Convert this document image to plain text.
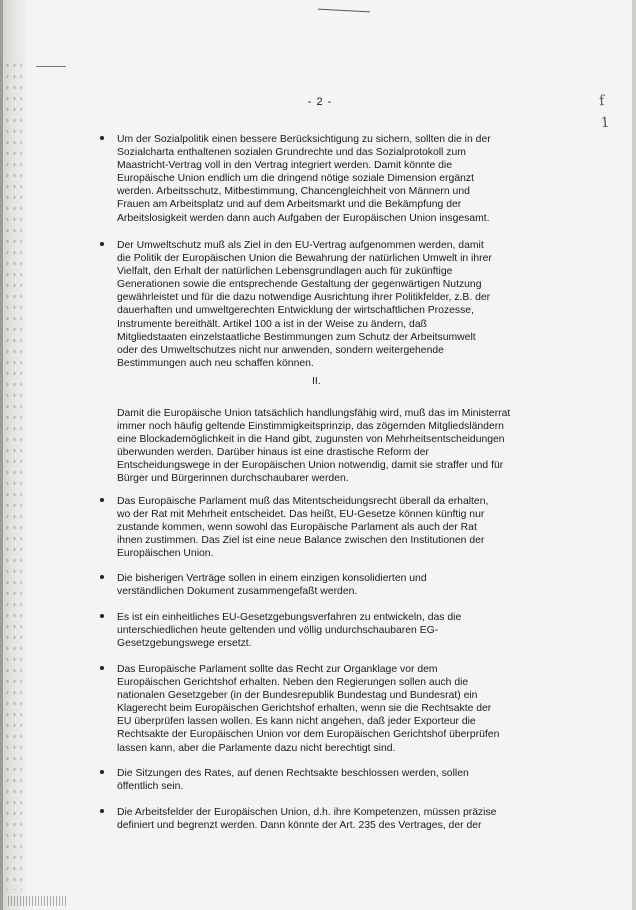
f
1
- 2 -

Um der Sozialpolitik einen bessere Berücksichtigung zu sichern, sollten die in der
Sozialcharta enthaltenen sozialen Grundrechte und das Sozialprotokoll zum
Maastricht-Vertrag voll in den Vertrag integriert werden. Damit könnte die
Europäische Union endlich um die dringend nötige soziale Dimension ergänzt
werden. Arbeitsschutz, Mitbestimmung, Chancengleichheit von Männern und
Frauen am Arbeitsplatz und auf dem Arbeitsmarkt und die Bekämpfung der
Arbeitslosigkeit werden dann auch Aufgaben der Europäischen Union insgesamt.

Der Umweltschutz muß als Ziel in den EU-Vertrag aufgenommen werden, damit
die Politik der Europäischen Union die Bewahrung der natürlichen Umwelt in ihrer
Vielfalt, den Erhalt der natürlichen Lebensgrundlagen auch für zukünftige
Generationen sowie die entsprechende Gestaltung der gegenwärtigen Nutzung
gewährleistet und für die dazu notwendige Ausrichtung ihrer Politikfelder, z.B. der
dauerhaften und umweltgerechten Entwicklung der wirtschaftlichen Prozesse,
Instrumente bereithält. Artikel 100 a ist in der Weise zu ändern, daß
Mitgliedstaaten einzelstaatliche Bestimmungen zum Schutz der Arbeitsumwelt
oder des Umweltschutzes nicht nur anwenden, sondern weitergehende
Bestimmungen auch neu schaffen können.

II.

Damit die Europäische Union tatsächlich handlungsfähig wird, muß das im Ministerrat
immer noch häufig geltende Einstimmigkeitsprinzip, das zögernden Mitgliedsländern
eine Blockademöglichkeit in die Hand gibt, zugunsten von Mehrheitsentscheidungen
überwunden werden. Darüber hinaus ist eine drastische Reform der
Entscheidungswege in der Europäischen Union notwendig, damit sie straffer und für
Bürger und Bürgerinnen durchschaubarer werden.

Das Europäische Parlament muß das Mitentscheidungsrecht überall da erhalten,
wo der Rat mit Mehrheit entscheidet. Das heißt, EU-Gesetze können künftig nur
zustande kommen, wenn sowohl das Europäische Parlament als auch der Rat
ihnen zustimmen. Das Ziel ist eine neue Balance zwischen den Institutionen der
Europäischen Union.

Die bisherigen Verträge sollen in einem einzigen konsolidierten und
verständlichen Dokument zusammengefaßt werden.

Es ist ein einheitliches EU-Gesetzgebungsverfahren zu entwickeln, das die
unterschiedlichen heute geltenden und völlig undurchschaubaren EG-
Gesetzgebungswege ersetzt.

Das Europäische Parlament sollte das Recht zur Organklage vor dem
Europäischen Gerichtshof erhalten. Neben den Regierungen sollen auch die
nationalen Gesetzgeber (in der Bundesrepublik Bundestag und Bundesrat) ein
Klagerecht beim Europäischen Gerichtshof erhalten, wenn sie die Rechtsakte der
EU überprüfen lassen wollen. Es kann nicht angehen, daß jeder Exporteur die
Rechtsakte der Europäischen Union vor dem Europäischen Gerichtshof überprüfen
lassen kann, aber die Parlamente dazu nicht berechtigt sind.

Die Sitzungen des Rates, auf denen Rechtsakte beschlossen werden, sollen
öffentlich sein.

Die Arbeitsfelder der Europäischen Union, d.h. ihre Kompetenzen, müssen präzise
definiert und begrenzt werden. Dann könnte der Art. 235 des Vertrages, der der
